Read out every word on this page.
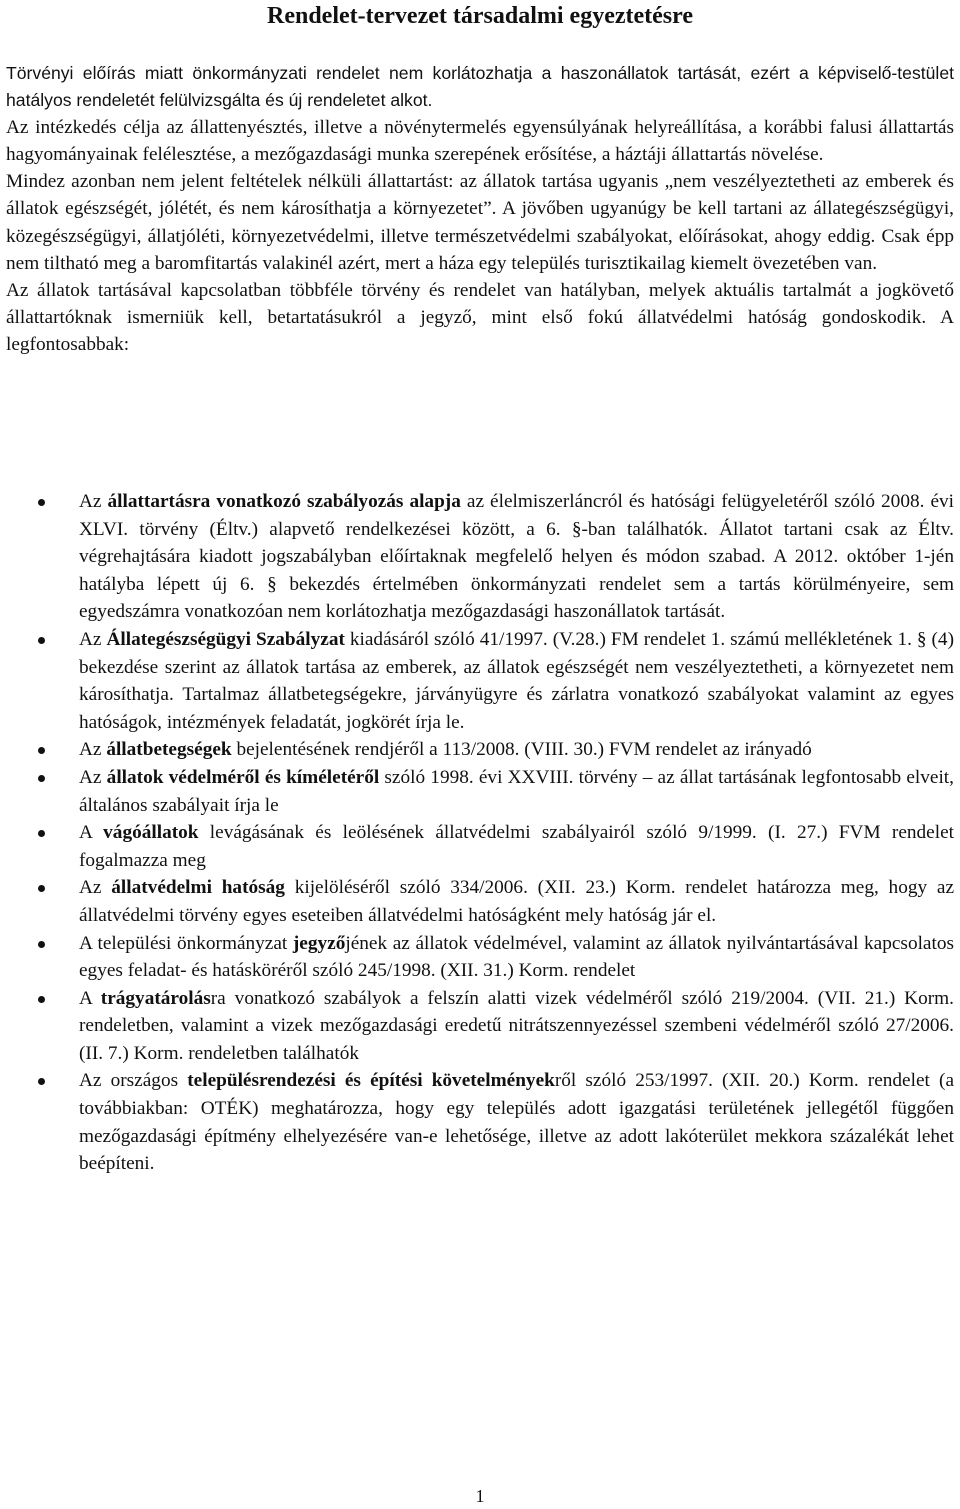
Rendelet-tervezet társadalmi egyeztetésre

Törvényi előírás miatt önkormányzati rendelet nem korlátozhatja a haszonállatok tartását, ezért a képviselő-testület hatályos rendeletét felülvizsgálta és új rendeletet alkot.

Az intézkedés célja az állattenyésztés, illetve a növénytermelés egyensúlyának helyreállítása, a korábbi falusi állattartás hagyományainak felélesztése, a mezőgazdasági munka szerepének erősítése, a háztáji állattartás növelése.

Mindez azonban nem jelent feltételek nélküli állattartást: az állatok tartása ugyanis „nem veszélyeztetheti az emberek és állatok egészségét, jólétét, és nem károsíthatja a környezetet”. A jövőben ugyanúgy be kell tartani az állategészségügyi, közegészségügyi, állatjóléti, környezetvédelmi, illetve természetvédelmi szabályokat, előírásokat, ahogy eddig. Csak épp nem tiltható meg a baromfitartás valakinél azért, mert a háza egy település turisztikailag kiemelt övezetében van.

Az állatok tartásával kapcsolatban többféle törvény és rendelet van hatályban, melyek aktuális tartalmát a jogkövető állattartóknak ismerniük kell, betartatásukról a jegyző, mint első fokú állatvédelmi hatóság gondoskodik. A legfontosabbak:

Az állattartásra vonatkozó szabályozás alapja az élelmiszerláncról és hatósági felügyeletéről szóló 2008. évi XLVI. törvény (Éltv.) alapvető rendelkezései között, a 6. §-ban találhatók. Állatot tartani csak az Éltv. végrehajtására kiadott jogszabályban előírtaknak megfelelő helyen és módon szabad. A 2012. október 1-jén hatályba lépett új 6. § bekezdés értelmében önkormányzati rendelet sem a tartás körülményeire, sem egyedszámra vonatkozóan nem korlátozhatja mezőgazdasági haszonállatok tartását.
Az Állategészségügyi Szabályzat kiadásáról szóló 41/1997. (V.28.) FM rendelet 1. számú mellékletének 1. § (4) bekezdése szerint az állatok tartása az emberek, az állatok egészségét nem veszélyeztetheti, a környezetet nem károsíthatja. Tartalmaz állatbetegségekre, járványügyre és zárlatra vonatkozó szabályokat valamint az egyes hatóságok, intézmények feladatát, jogkörét írja le.
Az állatbetegségek bejelentésének rendjéről a 113/2008. (VIII. 30.) FVM rendelet az irányadó
Az állatok védelméről és kíméletéről szóló 1998. évi XXVIII. törvény – az állat tartásának legfontosabb elveit, általános szabályait írja le
A vágóállatok levágásának és leölésének állatvédelmi szabályairól szóló 9/1999. (I. 27.) FVM rendelet fogalmazza meg
Az állatvédelmi hatóság kijelöléséről szóló 334/2006. (XII. 23.) Korm. rendelet határozza meg, hogy az állatvédelmi törvény egyes eseteiben állatvédelmi hatóságként mely hatóság jár el.
A települési önkormányzat jegyzőjének az állatok védelmével, valamint az állatok nyilvántartásával kapcsolatos egyes feladat- és hatásköréről szóló 245/1998. (XII. 31.) Korm. rendelet
A trágyatárolásra vonatkozó szabályok a felszín alatti vizek védelméről szóló 219/2004. (VII. 21.) Korm. rendeletben, valamint a vizek mezőgazdasági eredetű nitrátszennyezéssel szembeni védelméről szóló 27/2006. (II. 7.) Korm. rendeletben találhatók
Az országos településrendezési és építési követelményekről szóló 253/1997. (XII. 20.) Korm. rendelet (a továbbiakban: OTÉK) meghatározza, hogy egy település adott igazgatási területének jellegétől függően mezőgazdasági építmény elhelyezésére van-e lehetősége, illetve az adott lakóterület mekkora százalékát lehet beépíteni.
1
